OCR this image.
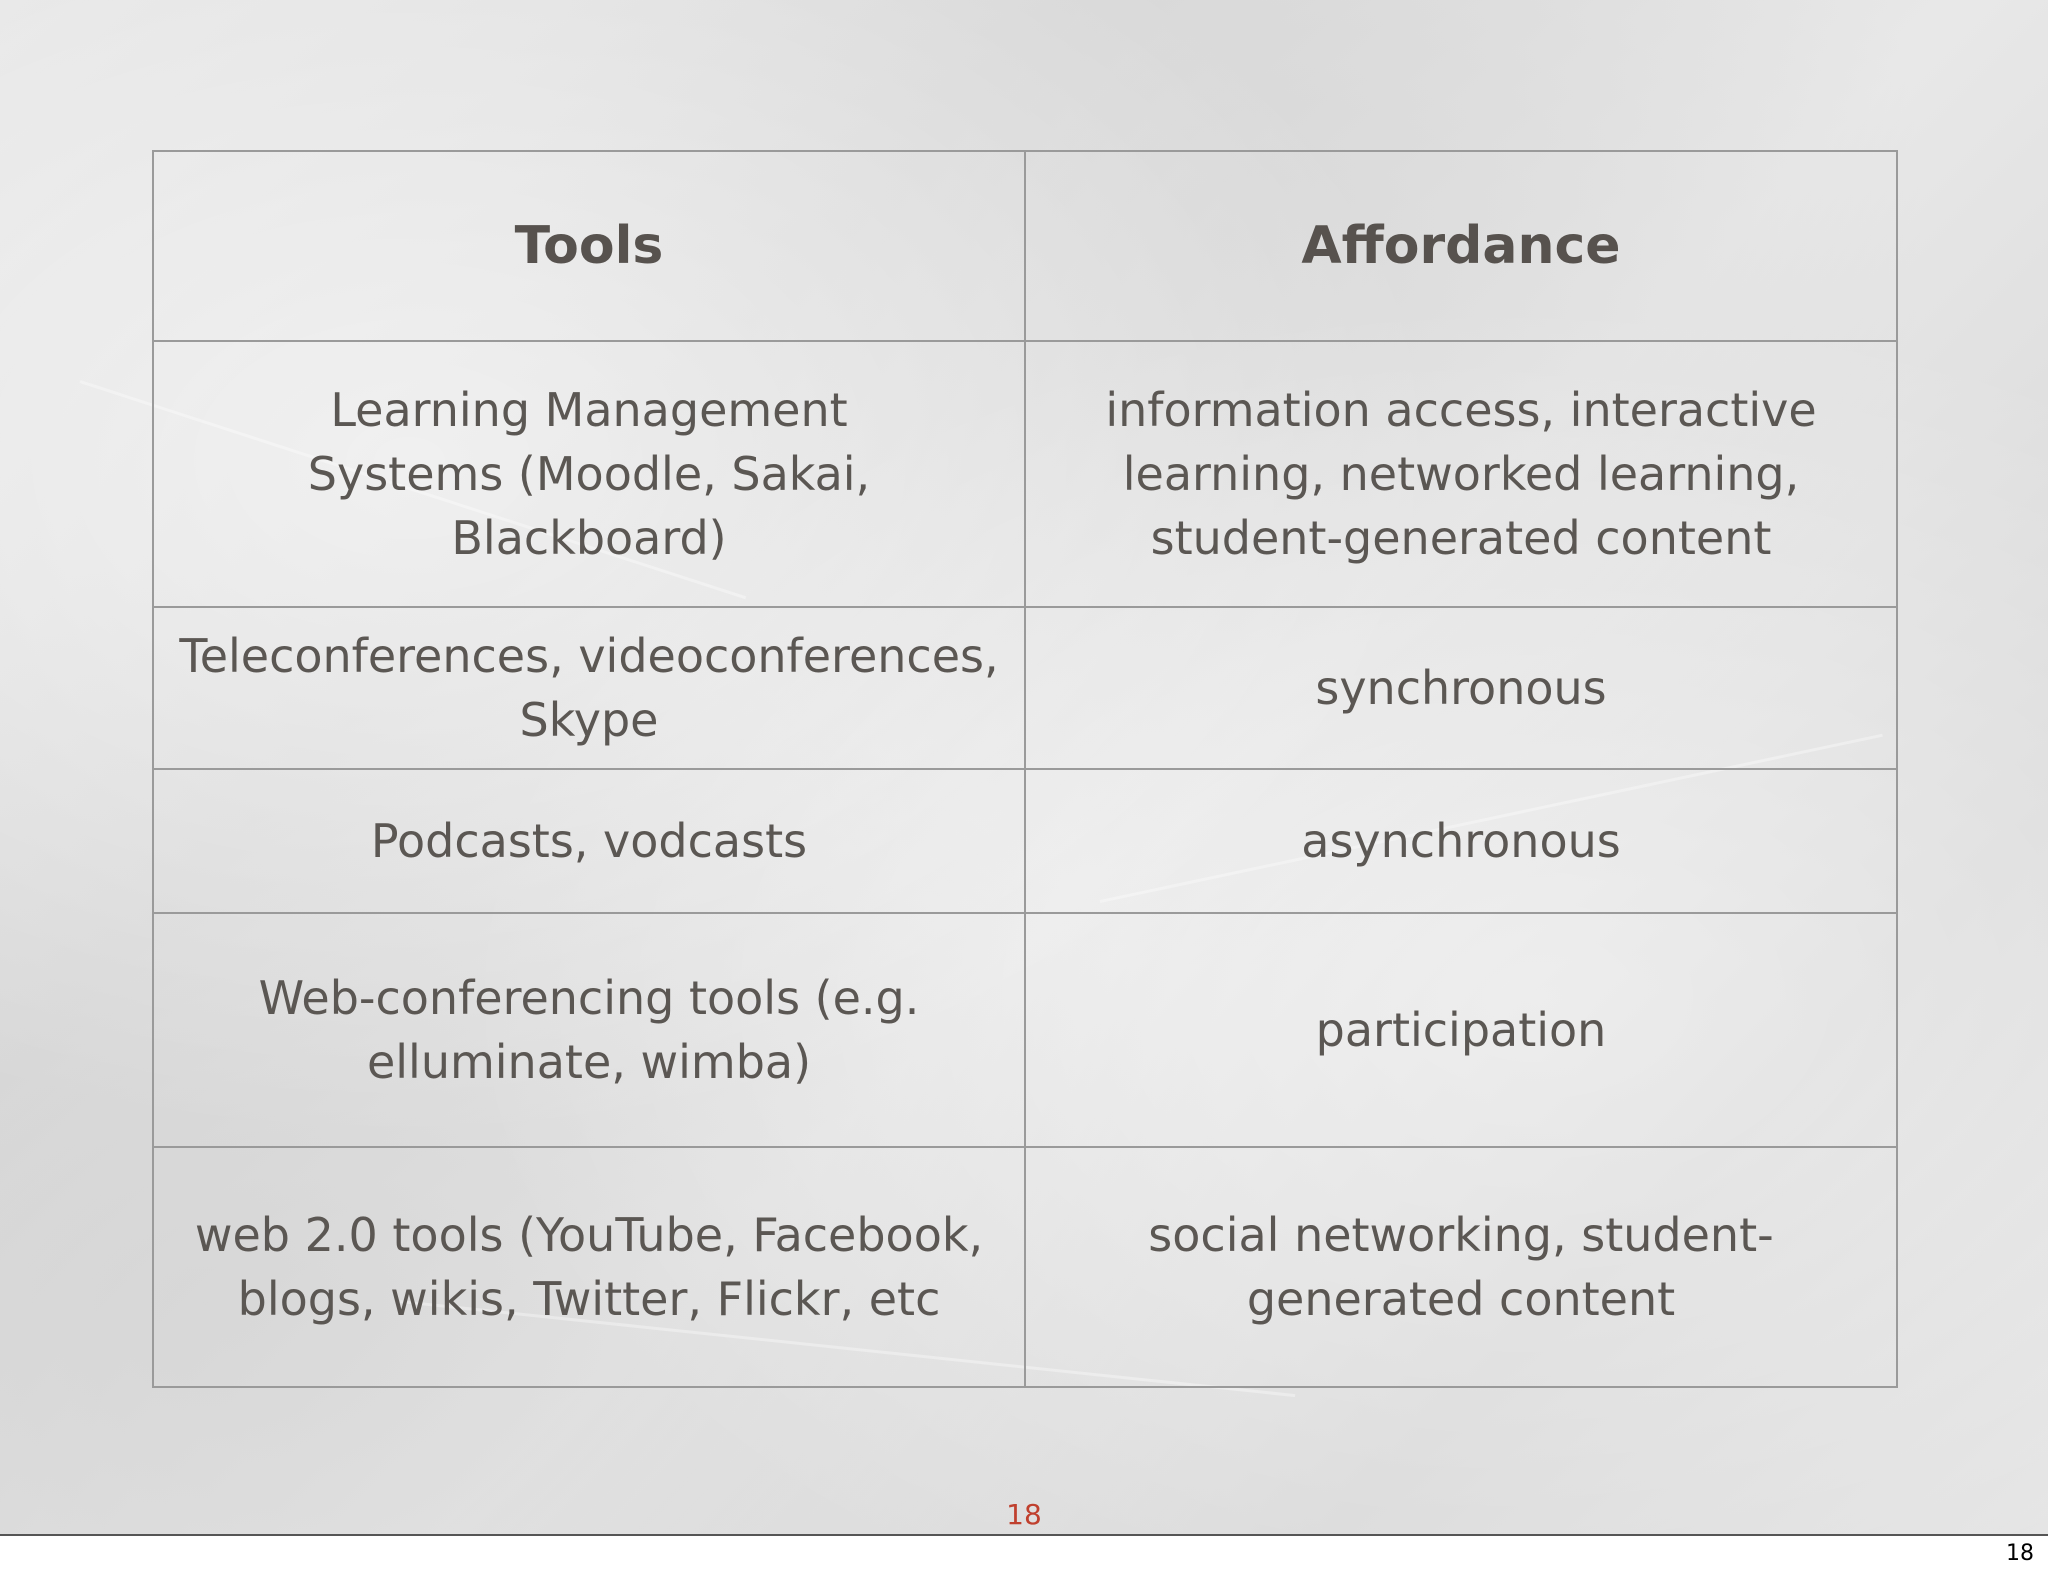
Tools	Affordance
Learning Management Systems (Moodle, Sakai, Blackboard)	information access, interactive learning, networked learning, student-generated content
Teleconferences, videoconferences, Skype	synchronous
Podcasts, vodcasts	asynchronous
Web-conferencing tools (e.g. elluminate, wimba)	participation
web 2.0 tools (YouTube, Facebook, blogs, wikis, Twitter, Flickr, etc	social networking, student-generated content
18
18
